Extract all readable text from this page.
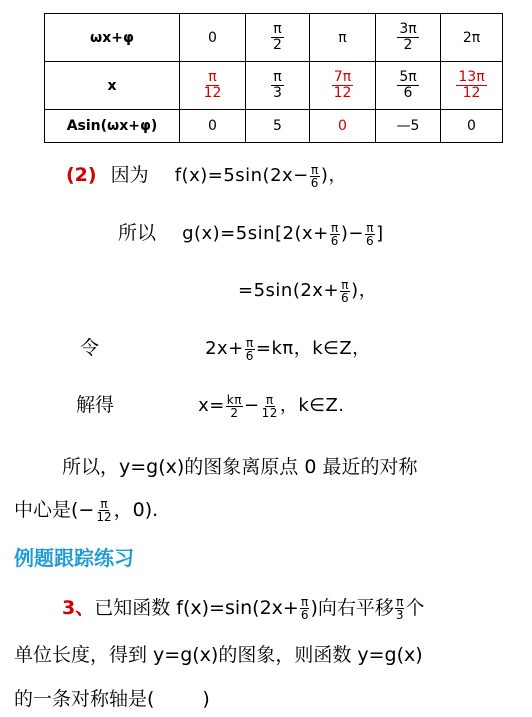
ωx+φ	0	$\frac{\pi}{2}$	π	$\frac{3\pi}{2}$	2π
x	$\frac{\pi}{12}$	$\frac{\pi}{3}$	$\frac{7\pi}{12}$	$\frac{5\pi}{6}$	$\frac{13\pi}{12}$

Asin(ωx+φ)	0	5	0	—5	0
(2) 因为 $f(x)=5\sin(2x- \frac{\pi}{6}$ )，
所以 $g(x)=5\sin[2(x+ \frac{\pi}{6}$ )− $\frac{\pi}{6}$ ]
$=5\sin(2x+ \frac{\pi}{6}$ )，
令	$2x+ \frac{\pi}{6} =k\pi$，k∈Z，
解得	$x= \frac{k\pi}{2} - \frac{\pi}{12}$ ，k∈Z.
所以，y=g(x)的图象离原点 0 最近的对称
中心是(− $\frac{\pi}{12}$ ，0).
例题跟踪练习
3、已知函数 $f(x)=\sin(2x+ \frac{\pi}{6}$ )向右平移 $\frac{\pi}{3}$ 个
单位长度，得到 y=g(x)的图象，则函数 y=g(x)
的一条对称轴是(	)
